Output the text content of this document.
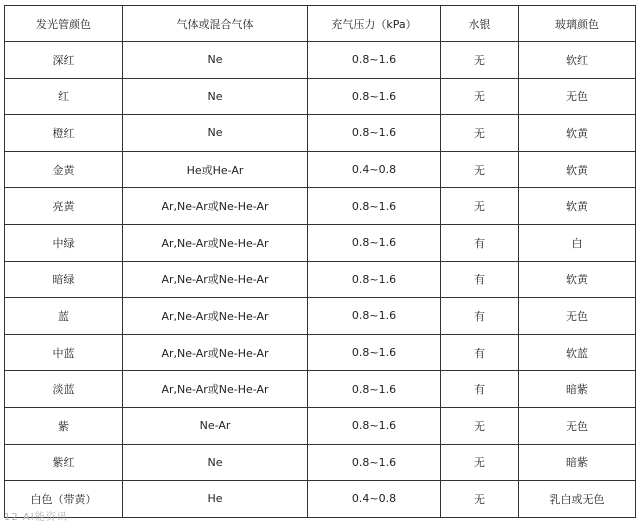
发光管颜色	气体或混合气体	充气压力（kPa）	水银	玻璃颜色
深红	Ne	0.8~1.6	无	软红
红	Ne	0.8~1.6	无	无色
橙红	Ne	0.8~1.6	无	软黄
金黄	He或He-Ar	0.4~0.8	无	软黄
亮黄	Ar,Ne-Ar或Ne-He-Ar	0.8~1.6	无	软黄
中绿	Ar,Ne-Ar或Ne-He-Ar	0.8~1.6	有	白
暗绿	Ar,Ne-Ar或Ne-He-Ar	0.8~1.6	有	软黄
蓝	Ar,Ne-Ar或Ne-He-Ar	0.8~1.6	有	无色
中蓝	Ar,Ne-Ar或Ne-He-Ar	0.8~1.6	有	软蓝
淡蓝	Ar,Ne-Ar或Ne-He-Ar	0.8~1.6	有	暗紫
紫	Ne-Ar	0.8~1.6	无	无色
紫红	Ne	0.8~1.6	无	暗紫
白色（带黄）	He	0.4~0.8	无	乳白或无色
12 AI能资讯
